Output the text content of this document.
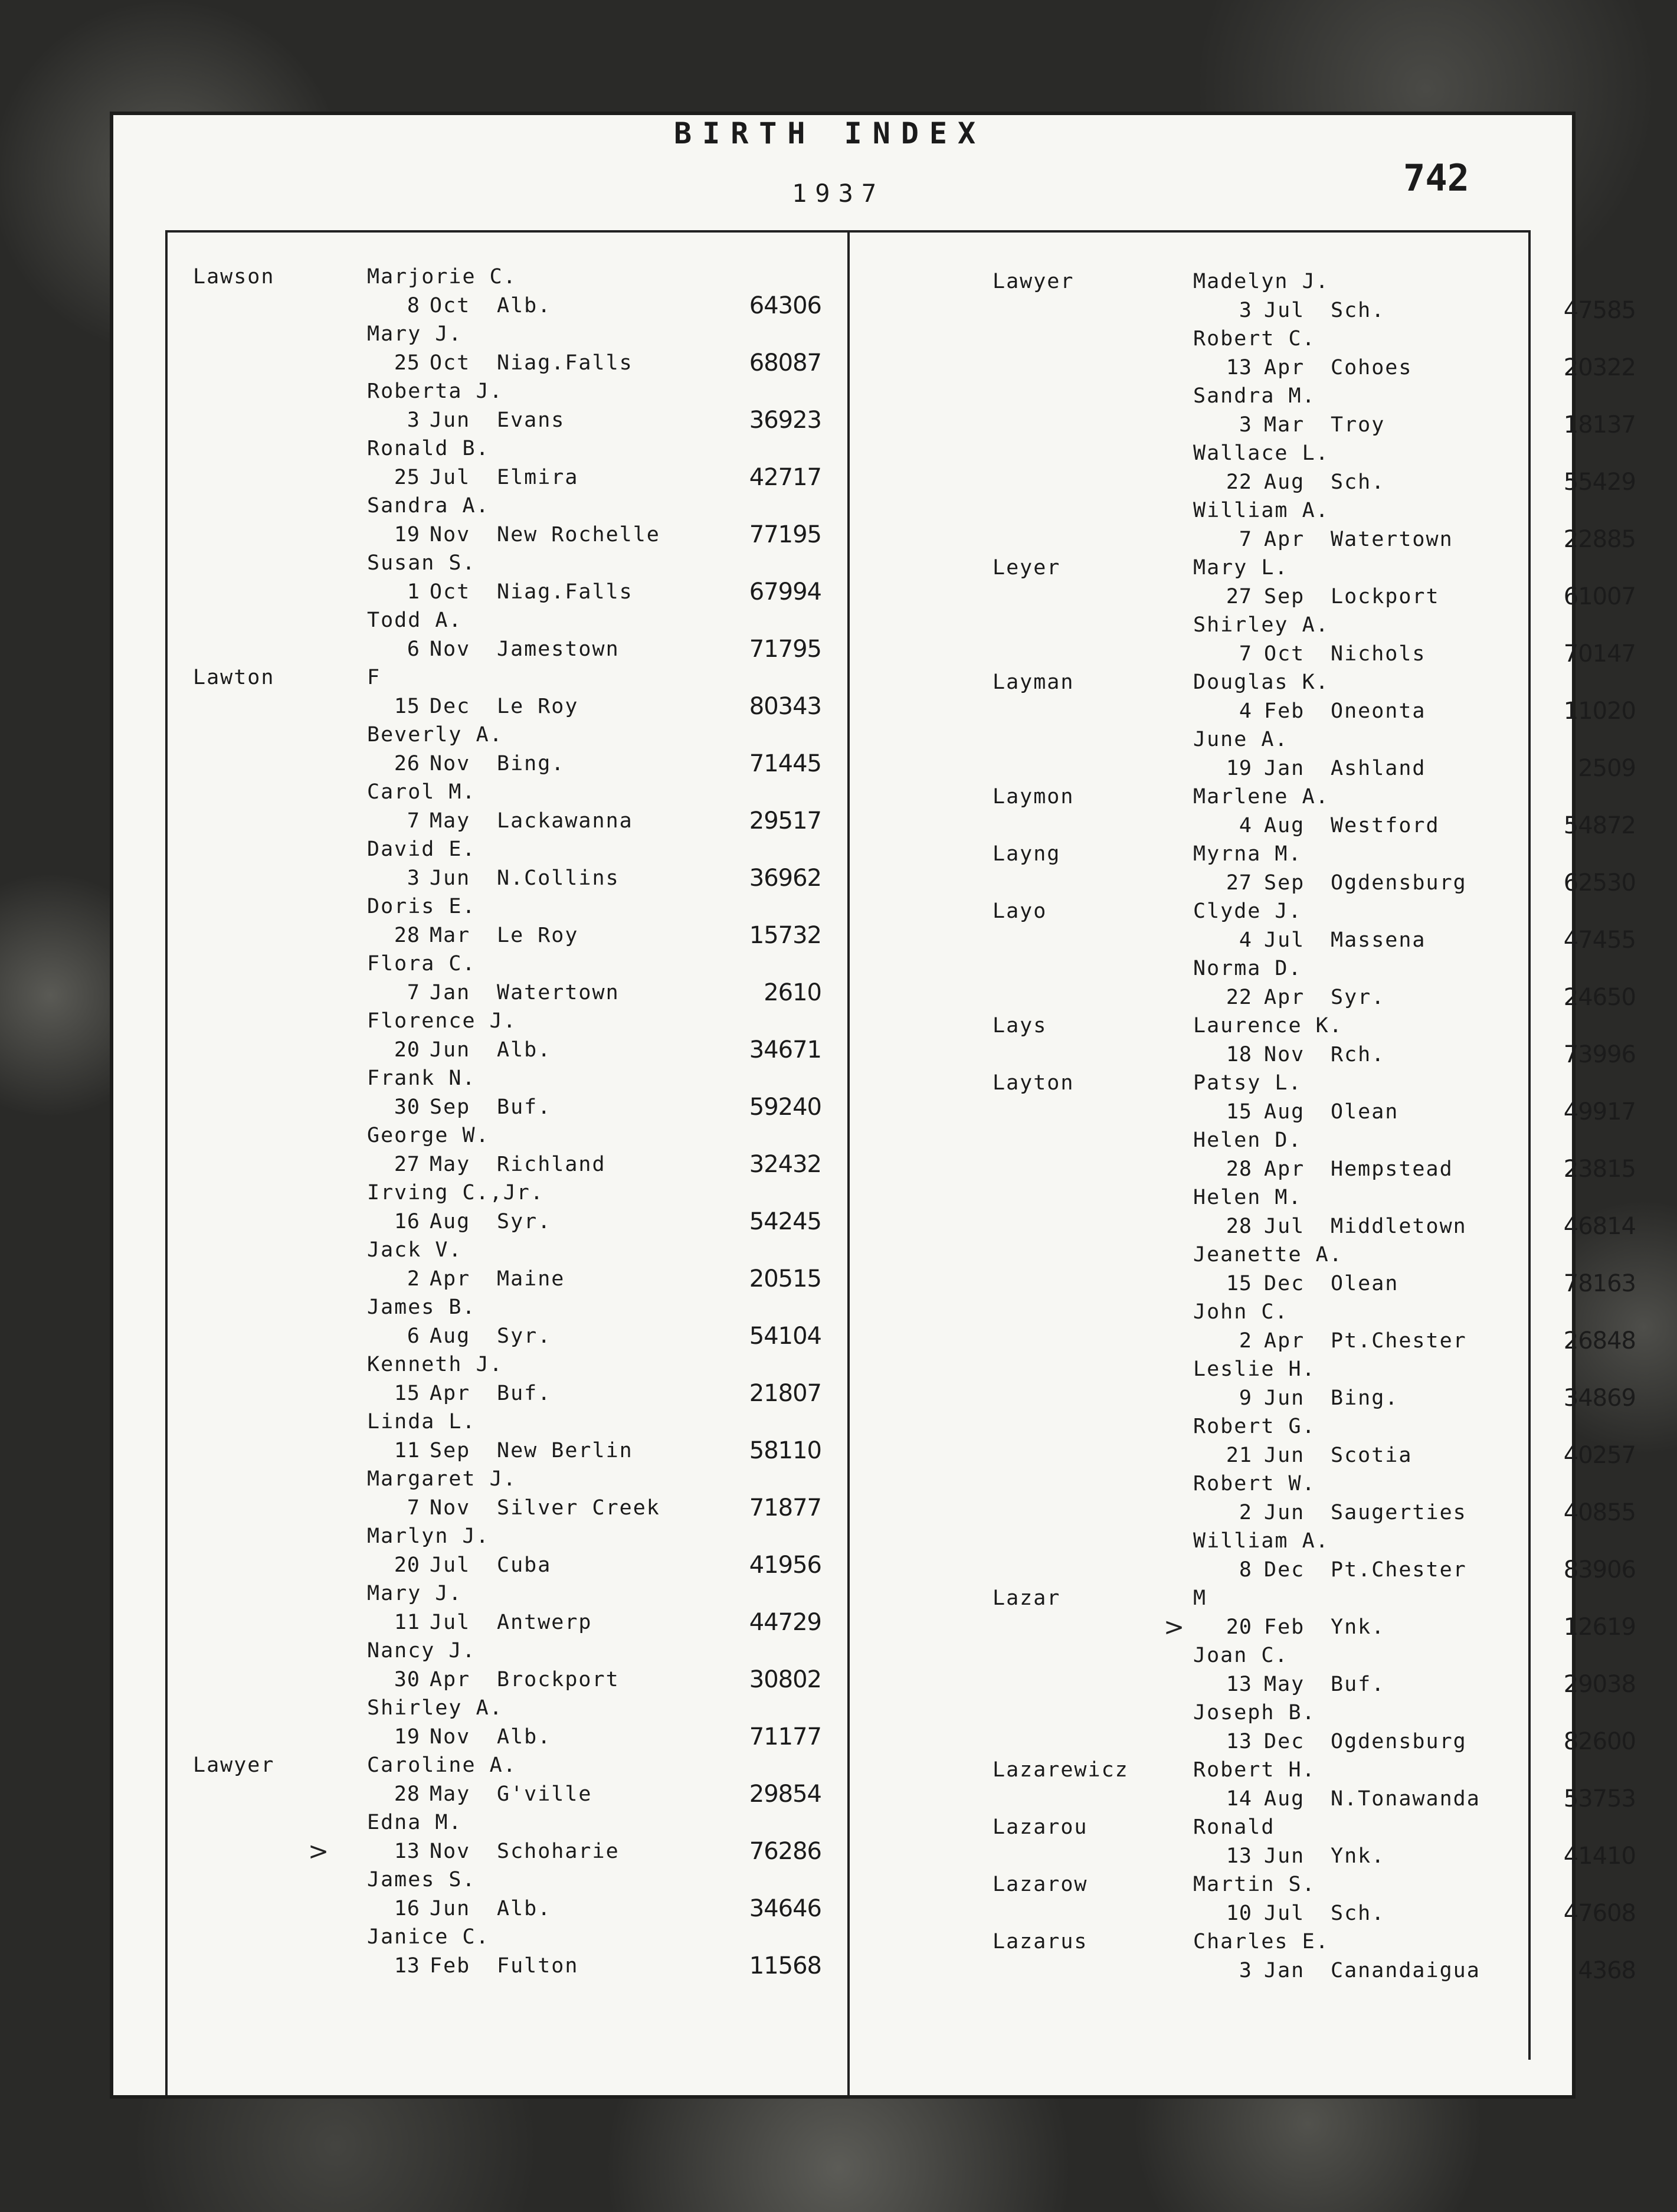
BIRTH INDEX
1937	742
Lawson	Marjorie C.
8 Oct Alb.	64306
Mary J.
25 Oct Niag.Falls	68087
Roberta J.
3 Jun Evans	36923
Ronald B.
25 Jul Elmira	42717
Sandra A.
19 Nov New Rochelle	77195
Susan S.
1 Oct Niag.Falls	67994
Todd A.
6 Nov Jamestown	71795
Lawton	F
15 Dec Le Roy	80343
Beverly A.
26 Nov Bing.	71445
Carol M.
7 May Lackawanna	29517
David E.
3 Jun N.Collins	36962
Doris E.
28 Mar Le Roy	15732
Flora C.
7 Jan Watertown	2610
Florence J.
20 Jun Alb.	34671
Frank N.
30 Sep Buf.	59240
George W.
27 May Richland	32432
Irving C.,Jr.
16 Aug Syr.	54245
Jack V.
2 Apr Maine	20515
James B.
6 Aug Syr.	54104
Kenneth J.
15 Apr Buf.	21807
Linda L.
11 Sep New Berlin	58110
Margaret J.
7 Nov Silver Creek	71877
Marlyn J.
20 Jul Cuba	41956
Mary J.
11 Jul Antwerp	44729
Nancy J.
30 Apr Brockport	30802
Shirley A.
19 Nov Alb.	71177
Lawyer	Caroline A.
28 May G'ville	29854
Edna M.
>	13 Nov Schoharie	76286
James S.
16 Jun Alb.	34646
Janice C.
13 Feb Fulton	11568
Lawyer	Madelyn J.
3 Jul Sch.	47585
Robert C.
13 Apr Cohoes	20322
Sandra M.
3 Mar Troy	18137
Wallace L.
22 Aug Sch.	55429
William A.
7 Apr Watertown	22885
Leyer	Mary L.
27 Sep Lockport	61007
Shirley A.
7 Oct Nichols	70147
Layman	Douglas K.
4 Feb Oneonta	11020
June A.
19 Jan Ashland	2509
Laymon	Marlene A.
4 Aug Westford	54872
Layng	Myrna M.
27 Sep Ogdensburg	62530
Layo	Clyde J.
4 Jul Massena	47455
Norma D.
22 Apr Syr.	24650
Lays	Laurence K.
18 Nov Rch.	73996
Layton	Patsy L.
15 Aug Olean	49917
Helen D.
28 Apr Hempstead	23815
Helen M.
28 Jul Middletown	46814
Jeanette A.
15 Dec Olean	78163
John C.
2 Apr Pt.Chester	26848
Leslie H.
9 Jun Bing.	34869
Robert G.
21 Jun Scotia	40257
Robert W.
2 Jun Saugerties	40855
William A.
8 Dec Pt.Chester	83906
Lazar	M
>	20 Feb Ynk.	12619
Joan C.
13 May Buf.	29038
Joseph B.
13 Dec Ogdensburg	82600
Lazarewicz	Robert H.
14 Aug N.Tonawanda	53753
Lazarou	Ronald
13 Jun Ynk.	41410
Lazarow	Martin S.
10 Jul Sch.	47608
Lazarus	Charles E.
3 Jan Canandaigua	4368
